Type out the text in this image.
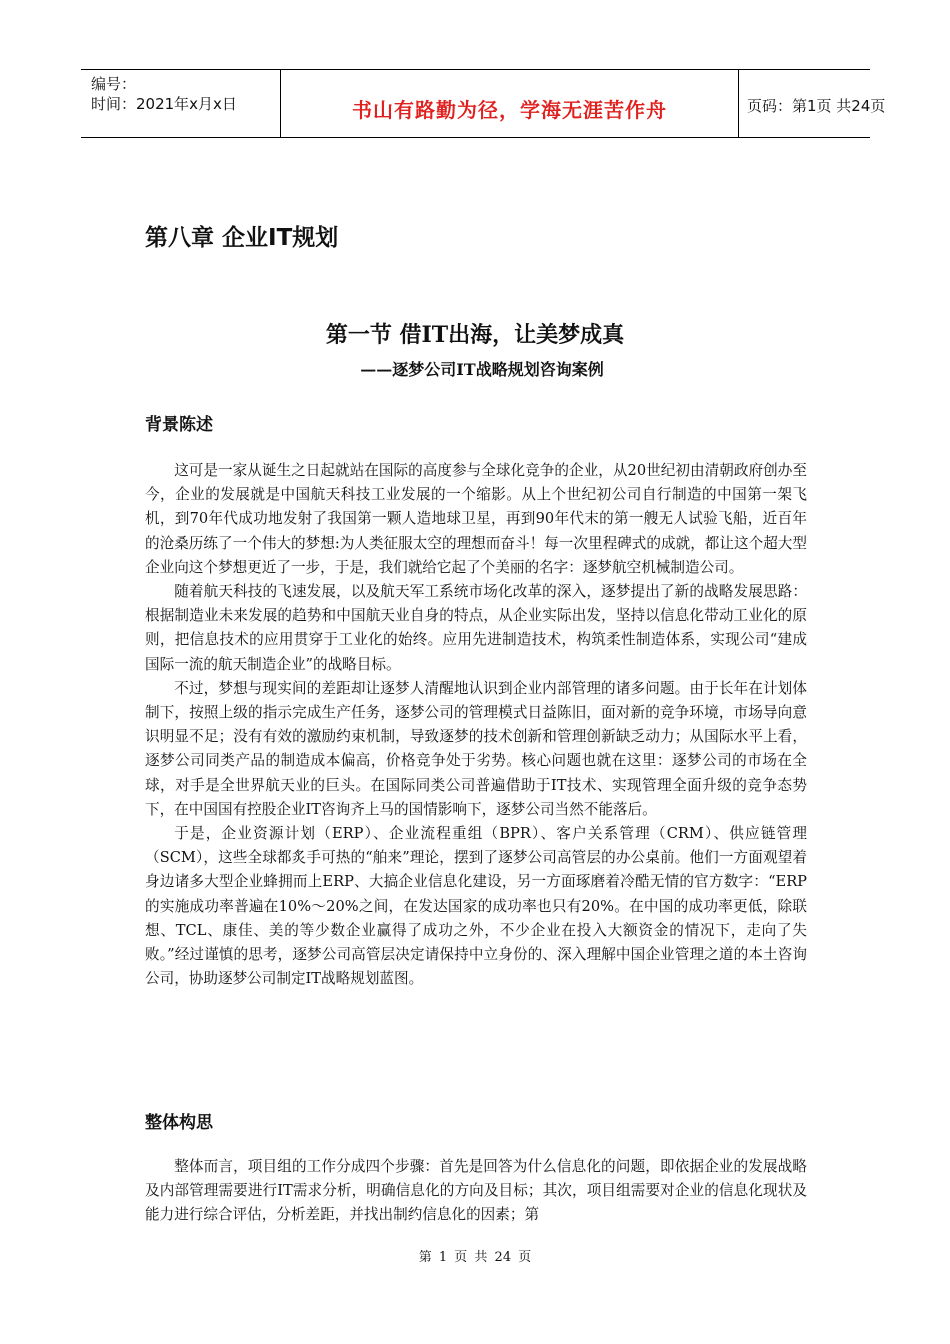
编号：
时间：2021年x月x日	书山有路勤为径，学海无涯苦作舟	页码：第1页 共24页
第八章 企业IT规划
第一节 借IT出海，让美梦成真
——逐梦公司IT战略规划咨询案例
背景陈述

这可是一家从诞生之日起就站在国际的高度参与全球化竞争的企业，从20世纪初由清朝政府创办至今，企业的发展就是中国航天科技工业发展的一个缩影。从上个世纪初公司自行制造的中国第一架飞机，到70年代成功地发射了我国第一颗人造地球卫星，再到90年代末的第一艘无人试验飞船，近百年的沧桑历练了一个伟大的梦想:为人类征服太空的理想而奋斗！每一次里程碑式的成就，都让这个超大型企业向这个梦想更近了一步，于是，我们就给它起了个美丽的名字：逐梦航空机械制造公司。

随着航天科技的飞速发展，以及航天军工系统市场化改革的深入，逐梦提出了新的战略发展思路：根据制造业未来发展的趋势和中国航天业自身的特点，从企业实际出发，坚持以信息化带动工业化的原则，把信息技术的应用贯穿于工业化的始终。应用先进制造技术，构筑柔性制造体系，实现公司“建成国际一流的航天制造企业”的战略目标。

不过，梦想与现实间的差距却让逐梦人清醒地认识到企业内部管理的诸多问题。由于长年在计划体制下，按照上级的指示完成生产任务，逐梦公司的管理模式日益陈旧，面对新的竞争环境，市场导向意识明显不足；没有有效的激励约束机制，导致逐梦的技术创新和管理创新缺乏动力；从国际水平上看，逐梦公司同类产品的制造成本偏高，价格竞争处于劣势。核心问题也就在这里：逐梦公司的市场在全球，对手是全世界航天业的巨头。在国际同类公司普遍借助于IT技术、实现管理全面升级的竞争态势下，在中国国有控股企业IT咨询齐上马的国情影响下，逐梦公司当然不能落后。

于是，企业资源计划（ERP）、企业流程重组（BPR）、客户关系管理（CRM）、供应链管理（SCM），这些全球都炙手可热的“舶来”理论，摆到了逐梦公司高管层的办公桌前。他们一方面观望着身边诸多大型企业蜂拥而上ERP、大搞企业信息化建设，另一方面琢磨着冷酷无情的官方数字：“ERP的实施成功率普遍在10%～20%之间，在发达国家的成功率也只有20%。在中国的成功率更低，除联想、TCL、康佳、美的等少数企业赢得了成功之外，不少企业在投入大额资金的情况下，走向了失败。”经过谨慎的思考，逐梦公司高管层决定请保持中立身份的、深入理解中国企业管理之道的本土咨询公司，协助逐梦公司制定IT战略规划蓝图。

整体构思

整体而言，项目组的工作分成四个步骤：首先是回答为什么信息化的问题，即依据企业的发展战略及内部管理需要进行IT需求分析，明确信息化的方向及目标；其次，项目组需要对企业的信息化现状及能力进行综合评估，分析差距，并找出制约信息化的因素；第

第 1 页 共 24 页
